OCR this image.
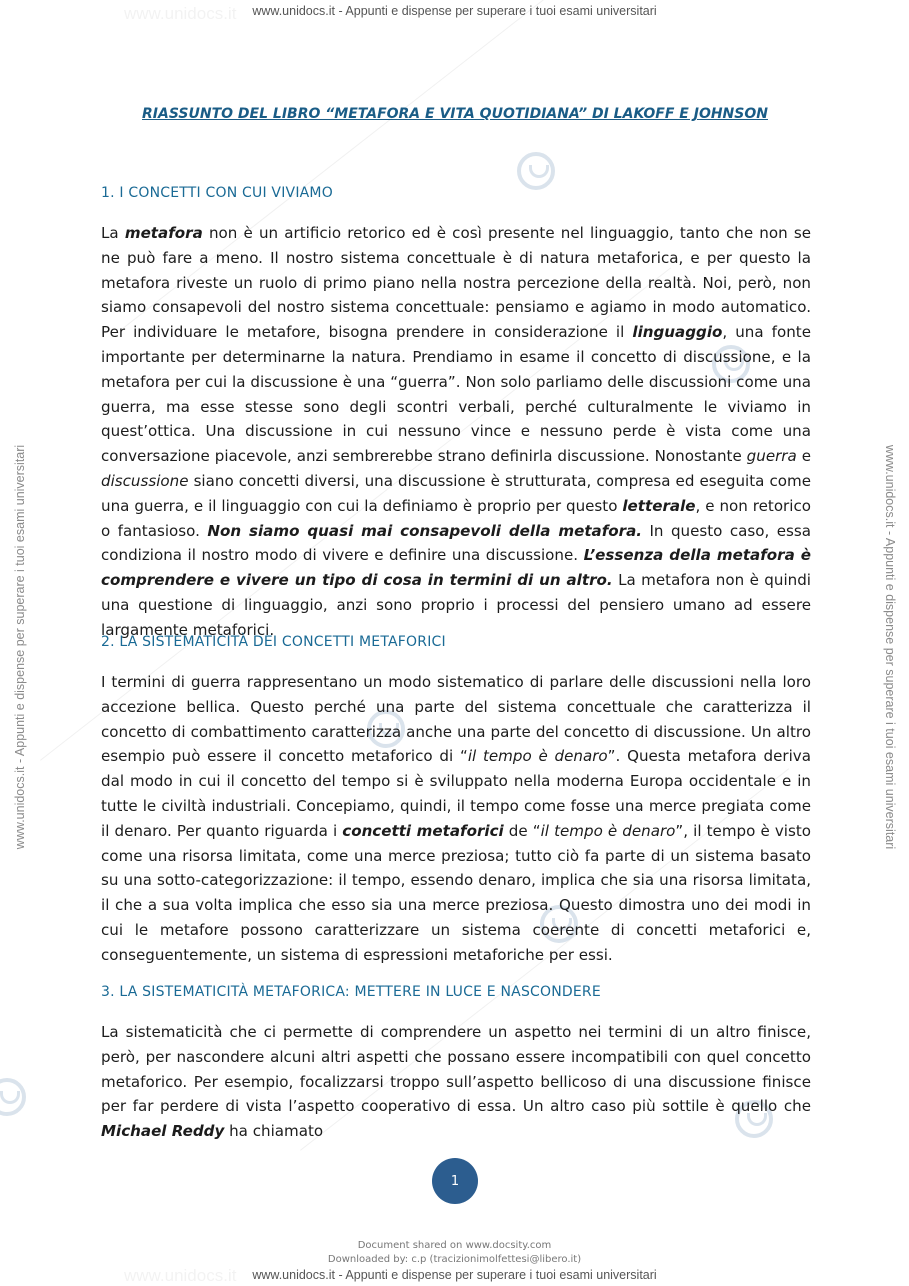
www.unidocs.it
www.unidocs.it
www.unidocs.it - Appunti e dispense per superare i tuoi esami universitari
www.unidocs.it - Appunti e dispense per superare i tuoi esami universitari
www.unidocs.it - Appunti e dispense per superare i tuoi esami universitari	www.unidocs.it - Appunti e dispense per superare i tuoi esami universitari
RIASSUNTO DEL LIBRO “METAFORA E VITA QUOTIDIANA” DI LAKOFF E JOHNSON
1. I CONCETTI CON CUI VIVIAMO

La metafora non è un artificio retorico ed è così presente nel linguaggio, tanto che non se ne può fare a meno. Il nostro sistema concettuale è di natura metaforica, e per questo la metafora riveste un ruolo di primo piano nella nostra percezione della realtà. Noi, però, non siamo consapevoli del nostro sistema concettuale: pensiamo e agiamo in modo automatico. Per individuare le metafore, bisogna prendere in considerazione il linguaggio, una fonte importante per determinarne la natura. Prendiamo in esame il concetto di discussione, e la metafora per cui la discussione è una “guerra”. Non solo parliamo delle discussioni come una guerra, ma esse stesse sono degli scontri verbali, perché culturalmente le viviamo in quest’ottica. Una discussione in cui nessuno vince e nessuno perde è vista come una conversazione piacevole, anzi sembrerebbe strano definirla discussione. Nonostante guerra e discussione siano concetti diversi, una discussione è strutturata, compresa ed eseguita come una guerra, e il linguaggio con cui la definiamo è proprio per questo letterale, e non retorico o fantasioso. Non siamo quasi mai consapevoli della metafora. In questo caso, essa condiziona il nostro modo di vivere e definire una discussione. L’essenza della metafora è comprendere e vivere un tipo di cosa in termini di un altro. La metafora non è quindi una questione di linguaggio, anzi sono proprio i processi del pensiero umano ad essere largamente metaforici.

2. LA SISTEMATICITÀ DEI CONCETTI METAFORICI

I termini di guerra rappresentano un modo sistematico di parlare delle discussioni nella loro accezione bellica. Questo perché una parte del sistema concettuale che caratterizza il concetto di combattimento caratterizza anche una parte del concetto di discussione. Un altro esempio può essere il concetto metaforico di “il tempo è denaro”. Questa metafora deriva dal modo in cui il concetto del tempo si è sviluppato nella moderna Europa occidentale e in tutte le civiltà industriali. Concepiamo, quindi, il tempo come fosse una merce pregiata come il denaro. Per quanto riguarda i concetti metaforici de “il tempo è denaro”, il tempo è visto come una risorsa limitata, come una merce preziosa; tutto ciò fa parte di un sistema basato su una sotto-categorizzazione: il tempo, essendo denaro, implica che sia una risorsa limitata, il che a sua volta implica che esso sia una merce preziosa. Questo dimostra uno dei modi in cui le metafore possono caratterizzare un sistema coerente di concetti metaforici e, conseguentemente, un sistema di espressioni metaforiche per essi.

3. LA SISTEMATICITÀ METAFORICA: METTERE IN LUCE E NASCONDERE

La sistematicità che ci permette di comprendere un aspetto nei termini di un altro finisce, però, per nascondere alcuni altri aspetti che possano essere incompatibili con quel concetto metaforico. Per esempio, focalizzarsi troppo sull’aspetto bellicoso di una discussione finisce per far perdere di vista l’aspetto cooperativo di essa. Un altro caso più sottile è quello che Michael Reddy ha chiamato

1
Document shared on www.docsity.com
Downloaded by: c.p (tracizionimolfettesi@libero.it)
